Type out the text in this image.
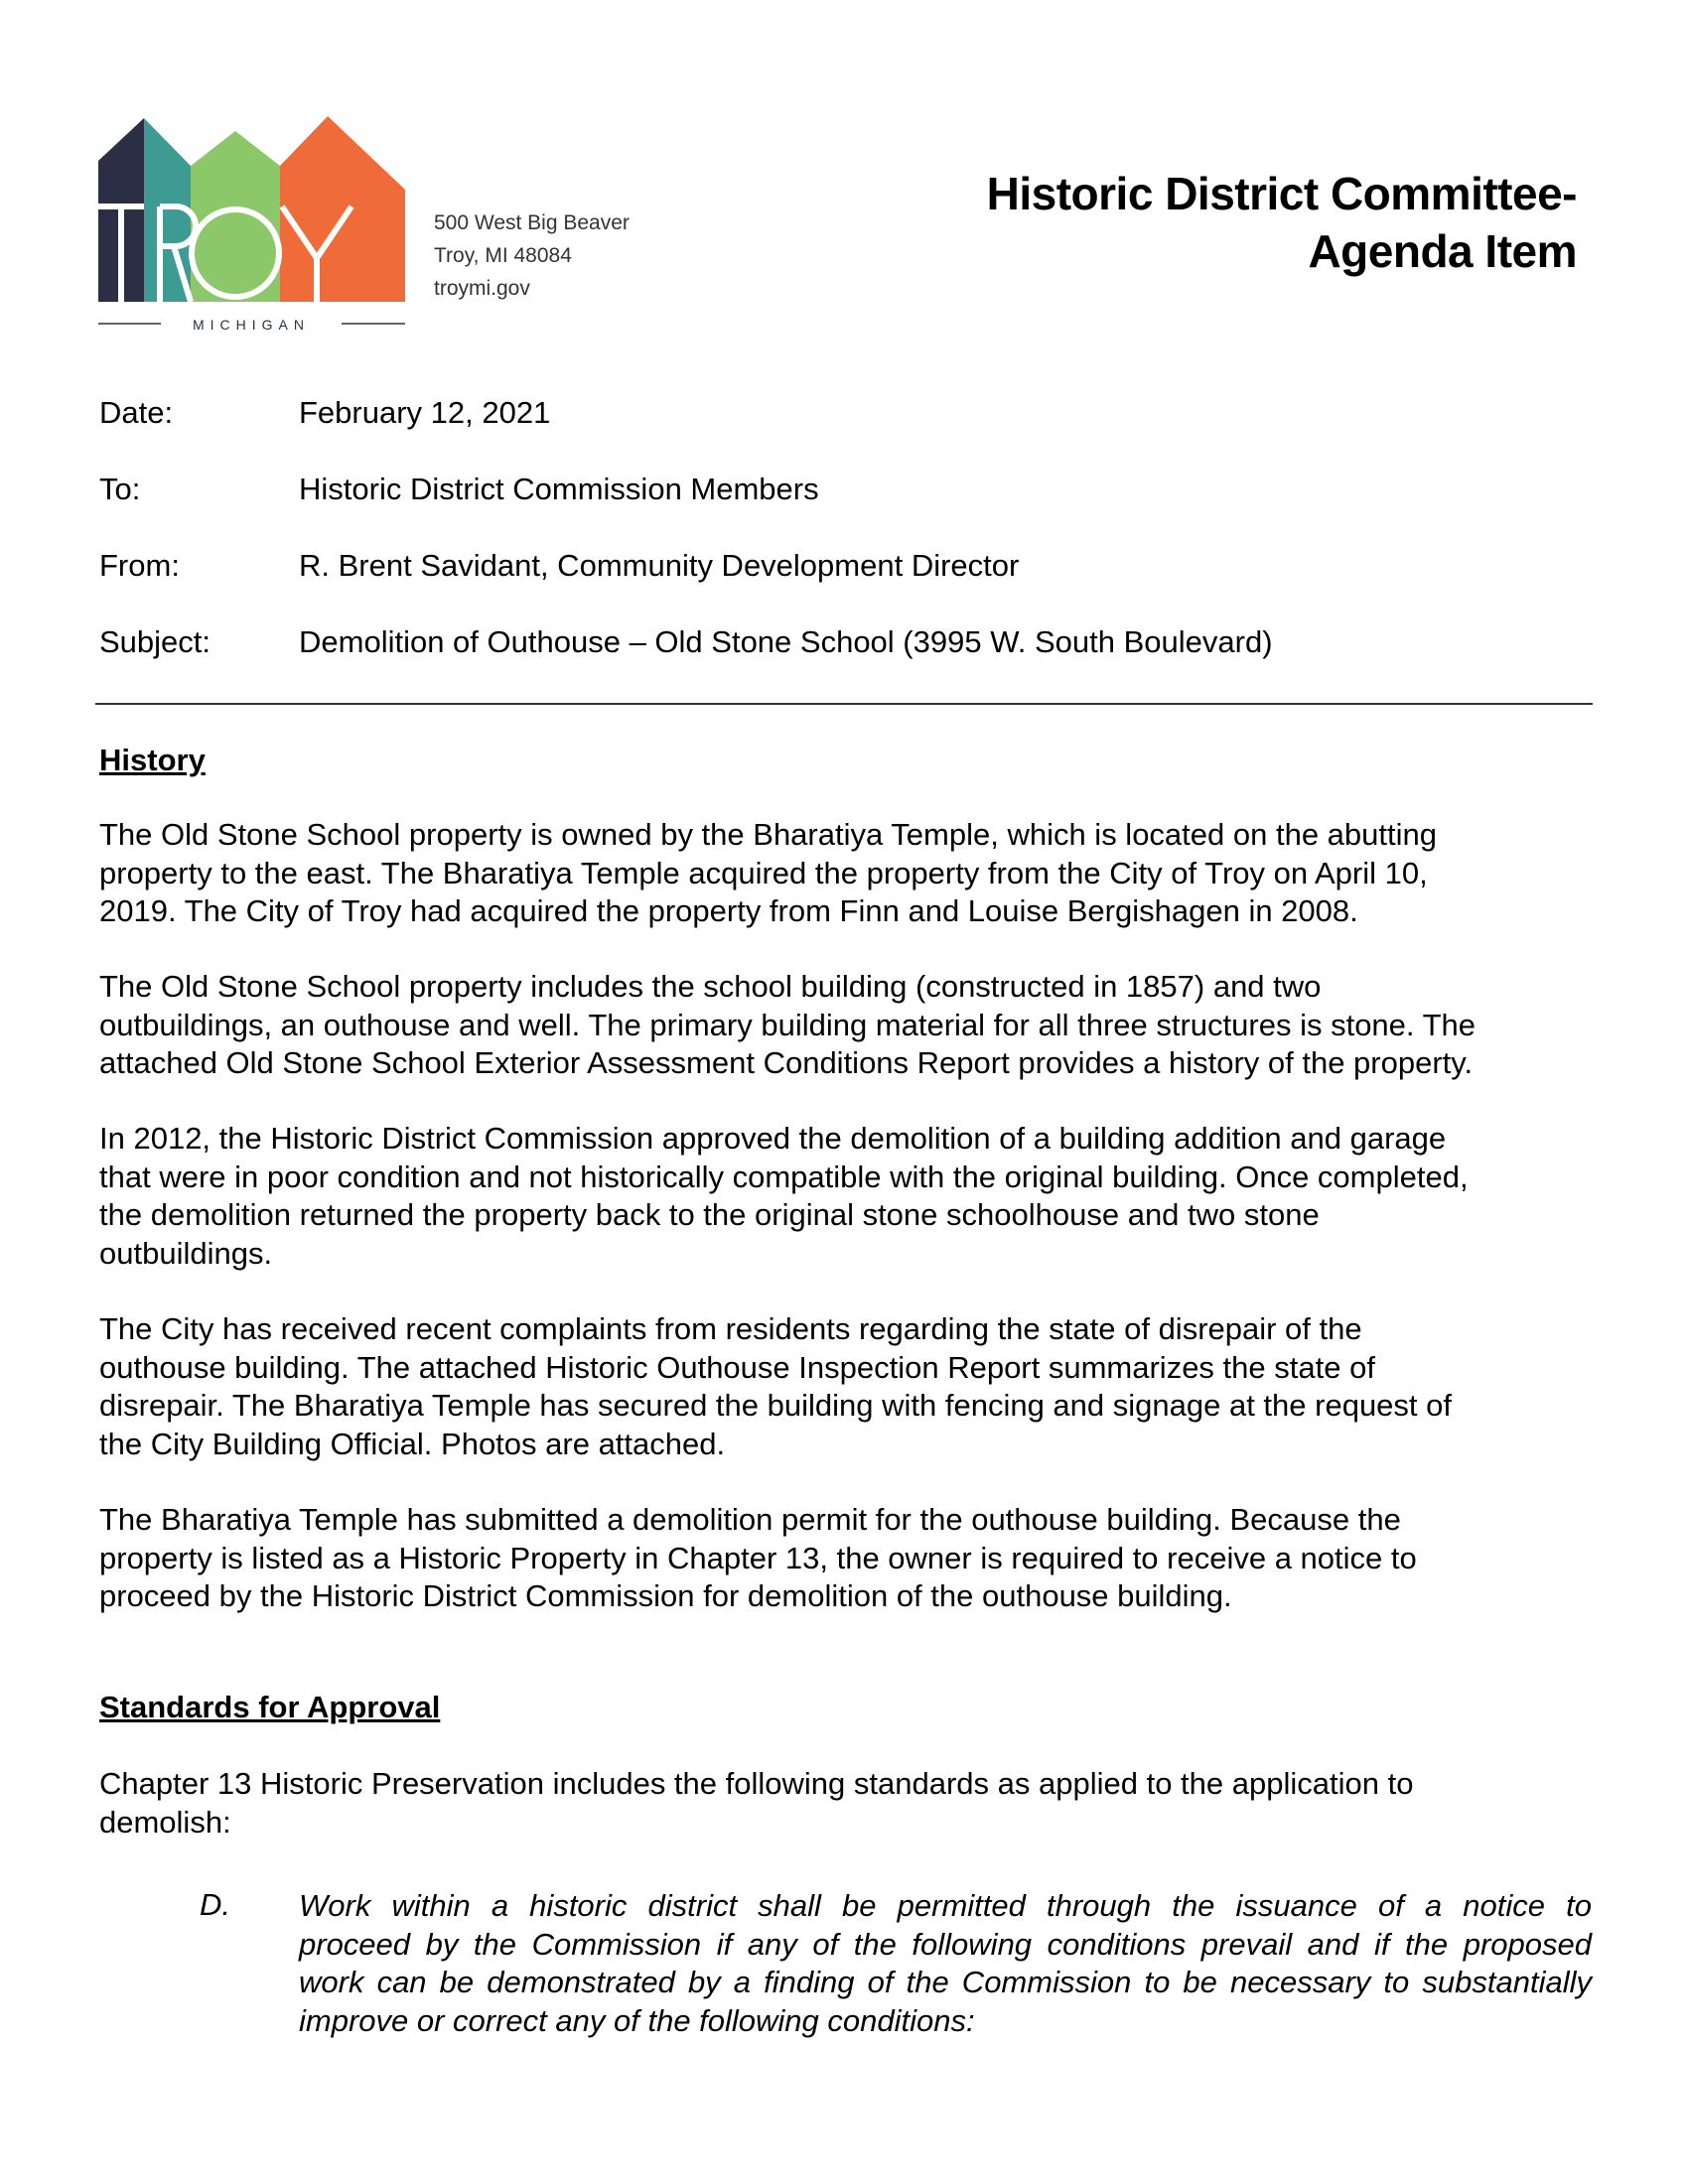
MICHIGAN
500 West Big Beaver
Troy, MI 48084
troymi.gov
Historic District Committee-
Agenda Item
Date:	February 12, 2021
To:	Historic District Commission Members
From:	R. Brent Savidant, Community Development Director
Subject:	Demolition of Outhouse – Old Stone School (3995 W. South Boulevard)
History
The Old Stone School property is owned by the Bharatiya Temple, which is located on the abutting
property to the east. The Bharatiya Temple acquired the property from the City of Troy on April 10,
2019. The City of Troy had acquired the property from Finn and Louise Bergishagen in 2008.
The Old Stone School property includes the school building (constructed in 1857) and two
outbuildings, an outhouse and well. The primary building material for all three structures is stone. The
attached Old Stone School Exterior Assessment Conditions Report provides a history of the property.
In 2012, the Historic District Commission approved the demolition of a building addition and garage
that were in poor condition and not historically compatible with the original building. Once completed,
the demolition returned the property back to the original stone schoolhouse and two stone
outbuildings.
The City has received recent complaints from residents regarding the state of disrepair of the
outhouse building. The attached Historic Outhouse Inspection Report summarizes the state of
disrepair. The Bharatiya Temple has secured the building with fencing and signage at the request of
the City Building Official. Photos are attached.
The Bharatiya Temple has submitted a demolition permit for the outhouse building. Because the
property is listed as a Historic Property in Chapter 13, the owner is required to receive a notice to
proceed by the Historic District Commission for demolition of the outhouse building.
Standards for Approval
Chapter 13 Historic Preservation includes the following standards as applied to the application to
demolish:
D. Work within a historic district shall be permitted through the issuance of a notice to
proceed by the Commission if any of the following conditions prevail and if the proposed
work can be demonstrated by a finding of the Commission to be necessary to substantially
improve or correct any of the following conditions:
